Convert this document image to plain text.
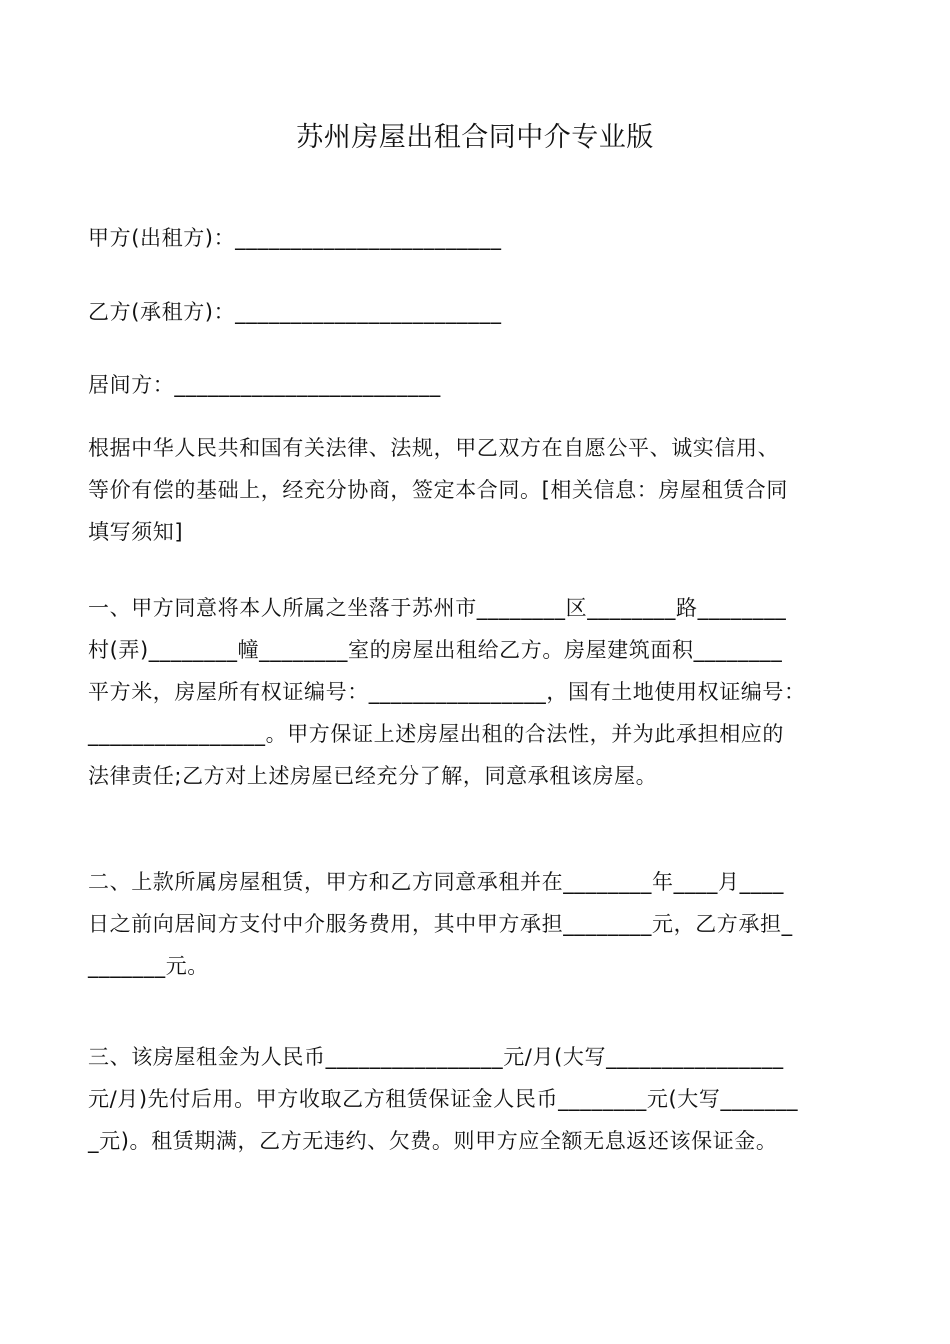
苏州房屋出租合同中介专业版
甲方(出租方)：________________________
乙方(承租方)：________________________
居间方：________________________
根据中华人民共和国有关法律、法规，甲乙双方在自愿公平、诚实信用、
等价有偿的基础上，经充分协商，签定本合同。[相关信息：房屋租赁合同
填写须知]
一、甲方同意将本人所属之坐落于苏州市________区________路________
村(弄)________幢________室的房屋出租给乙方。房屋建筑面积________
平方米，房屋所有权证编号：________________，国有土地使用权证编号：
________________。甲方保证上述房屋出租的合法性，并为此承担相应的
法律责任;乙方对上述房屋已经充分了解，同意承租该房屋。
二、上款所属房屋租赁，甲方和乙方同意承租并在________年____月____
日之前向居间方支付中介服务费用，其中甲方承担________元，乙方承担_
_______元。
三、该房屋租金为人民币________________元/月(大写________________
元/月)先付后用。甲方收取乙方租赁保证金人民币________元(大写_______
_元)。租赁期满，乙方无违约、欠费。则甲方应全额无息返还该保证金。
